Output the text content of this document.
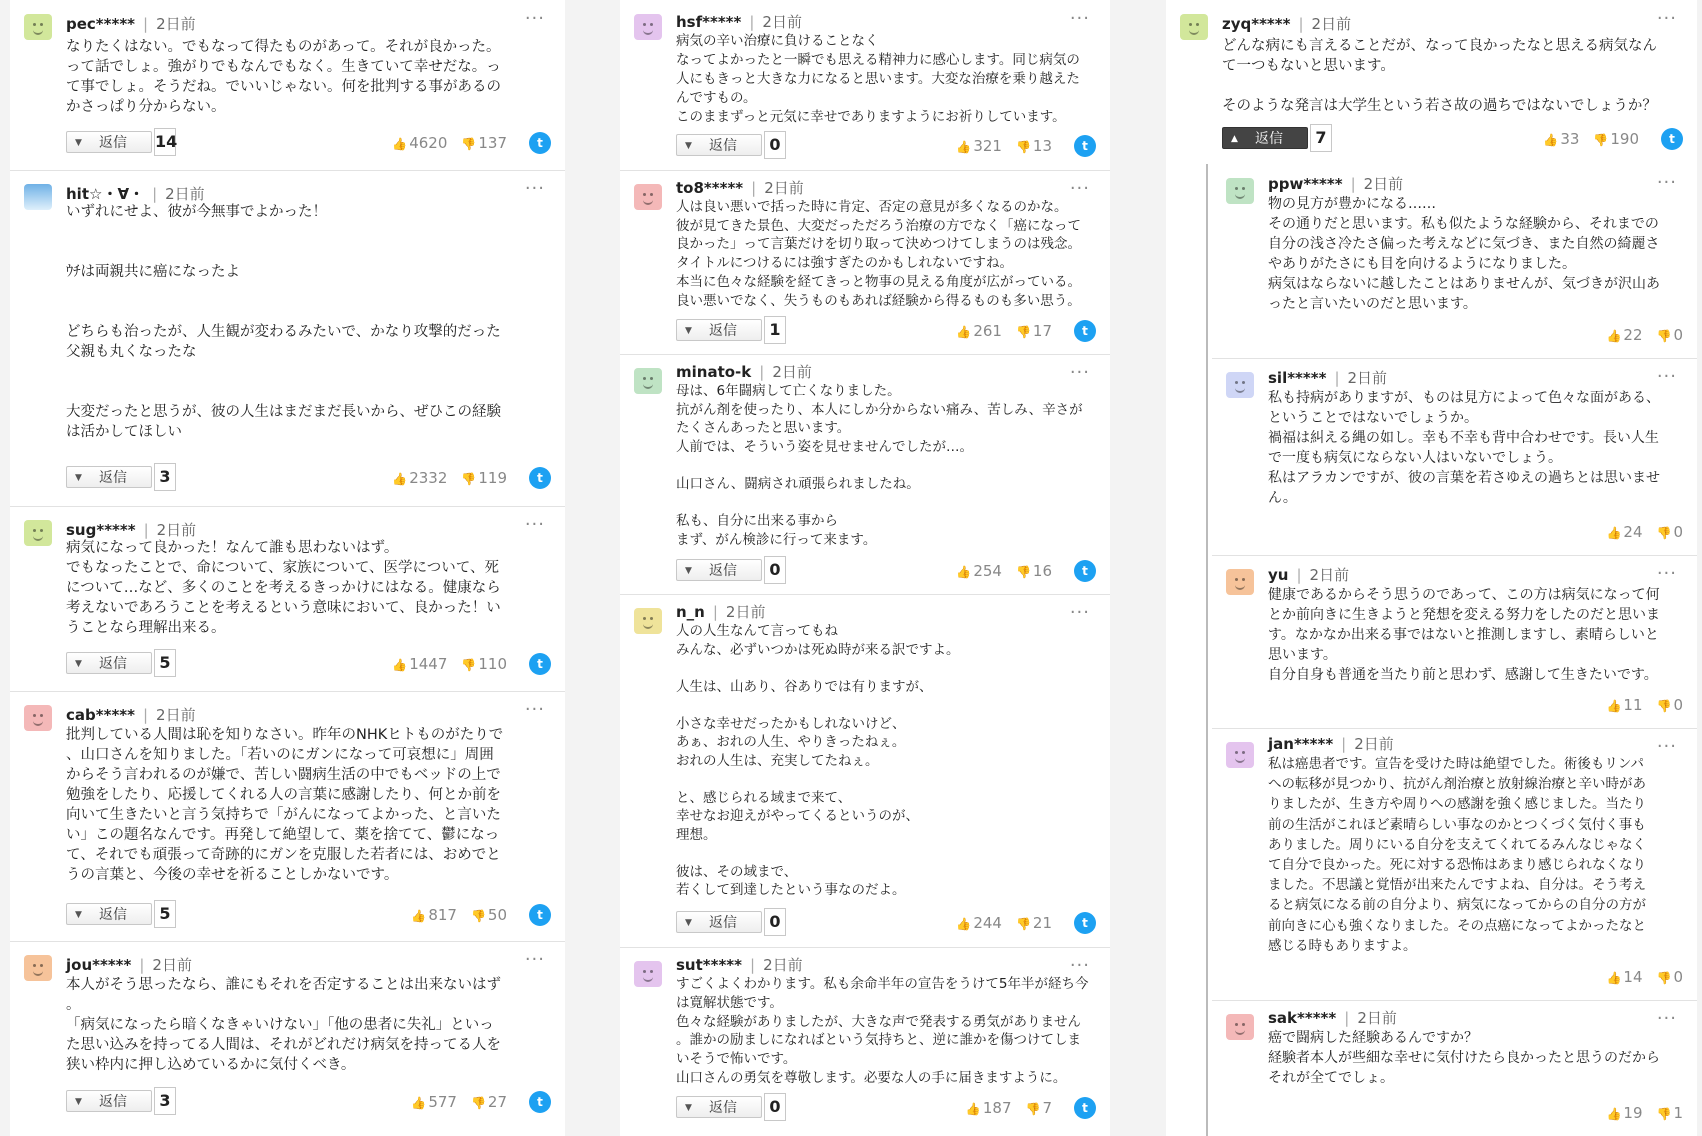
pec***** | 2日前	···
なりたくはない。でもなって得たものがあって。それが良かった。
って話でしょ。強がりでもなんでもなく。生きていて幸せだな。っ
て事でしょ。そうだね。でいいじゃない。何を批判する事があるの
かさっぱり分からない。
▼ 返信 14	👍 4620 👎 137	t
hit☆・∀・ | 2日前	···
いずれにせよ、彼が今無事でよかった！

ｳﾁは両親共に癌になったよ

どちらも治ったが、人生観が変わるみたいで、かなり攻撃的だった
父親も丸くなったな

大変だったと思うが、彼の人生はまだまだ長いから、ぜひこの経験
は活かしてほしい
▼ 返信	3	👍 2332 👎 119	t
sug***** | 2日前	···
病気になって良かった！なんて誰も思わないはず。
でもなったことで、命について、家族について、医学について、死
について…など、多くのことを考えるきっかけにはなる。健康なら
考えないであろうことを考えるという意味において、良かった！い
うことなら理解出来る。
▼ 返信	5	👍 1447 👎 110	t
cab***** | 2日前	···
批判している人間は恥を知りなさい。昨年のNHKヒトものがたりで
、山口さんを知りました。「若いのにガンになって可哀想に」周囲
からそう言われるのが嫌で、苦しい闘病生活の中でもベッドの上で
勉強をしたり、応援してくれる人の言葉に感謝したり、何とか前を
向いて生きたいと言う気持ちで「がんになってよかった、と言いた
い」この題名なんです。再発して絶望して、薬を捨てて、鬱になっ
て、それでも頑張って奇跡的にガンを克服した若者には、おめでと
うの言葉と、今後の幸せを祈ることしかないです。
▼ 返信	5	👍 817 👎 50	t
jou***** | 2日前	···
本人がそう思ったなら、誰にもそれを否定することは出来ないはず
。
「病気になったら暗くなきゃいけない」「他の患者に失礼」といっ
た思い込みを持ってる人間は、それがどれだけ病気を持ってる人を
狭い枠内に押し込めているかに気付くべき。
▼ 返信	3	👍 577 👎 27	t
hsf***** | 2日前	···
病気の辛い治療に負けることなく
なってよかったと一瞬でも思える精神力に感心します。同じ病気の
人にもきっと大きな力になると思います。大変な治療を乗り越えた
んですもの。
このままずっと元気に幸せでありますようにお祈りしています。
▼ 返信	0	👍 321 👎 13	t
to8***** | 2日前	···
人は良い悪いで括った時に肯定、否定の意見が多くなるのかな。
彼が見てきた景色、大変だっただろう治療の方でなく「癌になって
良かった」って言葉だけを切り取って決めつけてしまうのは残念。
タイトルにつけるには強すぎたのかもしれないですね。
本当に色々な経験を経てきっと物事の見える角度が広がっている。
良い悪いでなく、失うものもあれば経験から得るものも多い思う。
▼ 返信	1	👍 261 👎 17	t
minato-k | 2日前	···
母は、6年闘病して亡くなりました。
抗がん剤を使ったり、本人にしか分からない痛み、苦しみ、辛さが
たくさんあったと思います。
人前では、そういう姿を見せませんでしたが…。

山口さん、闘病され頑張られましたね。

私も、自分に出来る事から
まず、がん検診に行って来ます。
▼ 返信	0	👍 254 👎 16	t
n_n | 2日前	···
人の人生なんて言ってもね
みんな、必ずいつかは死ぬ時が来る訳ですよ。

人生は、山あり、谷ありでは有りますが、

小さな幸せだったかもしれないけど、
あぁ、おれの人生、やりきったねぇ。
おれの人生は、充実してたねぇ。

と、感じられる域まで来て、
幸せなお迎えがやってくるというのが、
理想。

彼は、その域まで、
若くして到達したという事なのだよ。
▼ 返信	0	👍 244 👎 21	t
sut***** | 2日前	···
すごくよくわかります。私も余命半年の宣告をうけて5年半が経ち今
は寛解状態です。
色々な経験がありましたが、大きな声で発表する勇気がありません
。誰かの励ましになればという気持ちと、逆に誰かを傷つけてしま
いそうで怖いです。
山口さんの勇気を尊敬します。必要な人の手に届きますように。
▼ 返信	0	👍 187 👎 7	t
zyq***** | 2日前	···
どんな病にも言えることだが、なって良かったなと思える病気なん
て一つもないと思います。

そのような発言は大学生という若さ故の過ちではないでしょうか？
▲ 返信	7	👍 33 👎 190	t
ppw***** | 2日前	···
物の見方が豊かになる……
その通りだと思います。私も似たような経験から、それまでの
自分の浅さ冷たさ偏った考えなどに気づき、また自然の綺麗さ
やありがたさにも目を向けるようになりました。
病気はならないに越したことはありませんが、気づきが沢山あ
ったと言いたいのだと思います。
👍 22 👎 0
sil***** | 2日前	···
私も持病がありますが、ものは見方によって色々な面がある、
ということではないでしょうか。
禍福は糾える縄の如し。幸も不幸も背中合わせです。長い人生
で一度も病気にならない人はいないでしょう。
私はアラカンですが、彼の言葉を若さゆえの過ちとは思いませ
ん。
👍 24 👎 0
yu | 2日前	···
健康であるからそう思うのであって、この方は病気になって何
とか前向きに生きようと発想を変える努力をしたのだと思いま
す。なかなか出来る事ではないと推測しますし、素晴らしいと
思います。
自分自身も普通を当たり前と思わず、感謝して生きたいです。
👍 11 👎 0
jan***** | 2日前	···
私は癌患者です。宣告を受けた時は絶望でした。術後もリンパ
への転移が見つかり、抗がん剤治療と放射線治療と辛い時があ
りましたが、生き方や周りへの感謝を強く感じました。当たり
前の生活がこれほど素晴らしい事なのかとつくづく気付く事も
ありました。周りにいる自分を支えてくれてるみんなじゃなく
て自分で良かった。死に対する恐怖はあまり感じられなくなり
ました。不思議と覚悟が出来たんですよね、自分は。そう考え
ると病気になる前の自分より、病気になってからの自分の方が
前向きに心も強くなりました。その点癌になってよかったなと
感じる時もありますよ。
👍 14 👎 0
sak***** | 2日前	···
癌で闘病した経験あるんですか？
経験者本人が些細な幸せに気付けたら良かったと思うのだから
それが全てでしょ。
👍 19 👎 1
